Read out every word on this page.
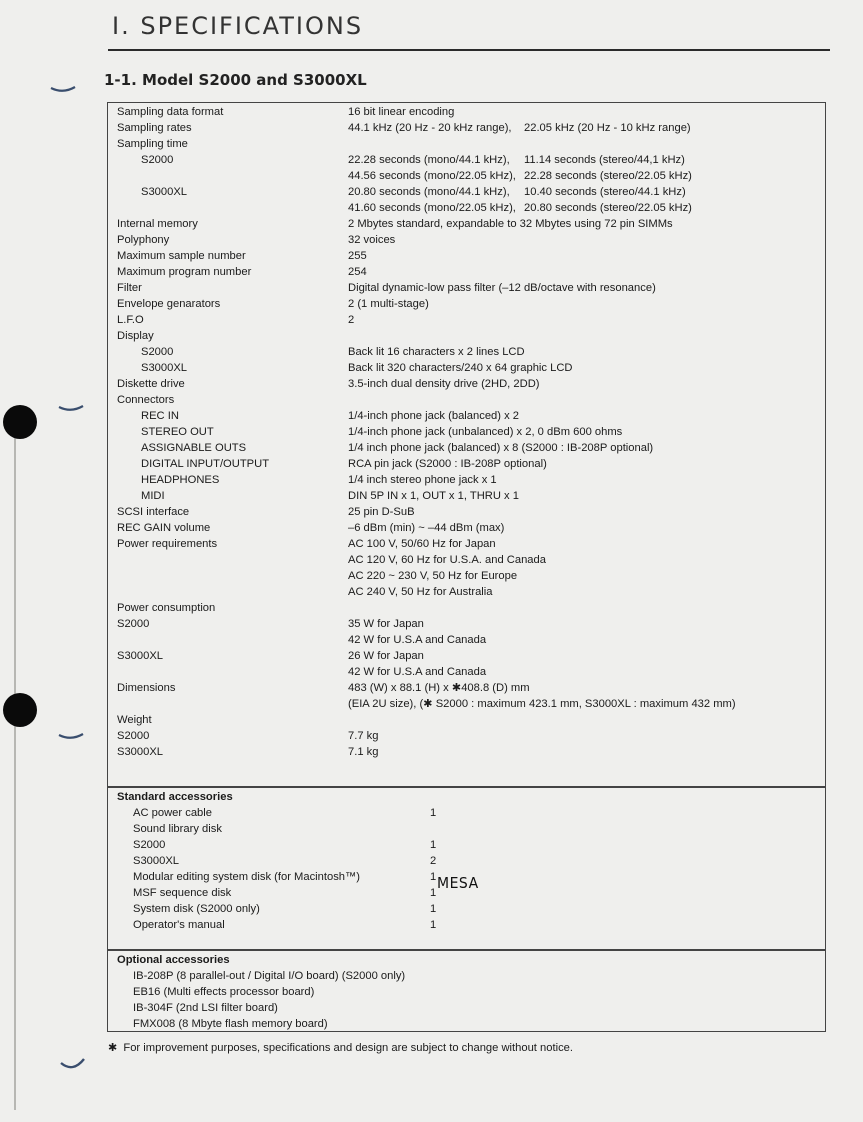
I. SPECIFICATIONS
1-1. Model S2000 and S3000XL
Sampling data format	16 bit linear encoding
Sampling rates	44.1 kHz (20 Hz - 20 kHz range), 22.05 kHz (20 Hz - 10 kHz range)
Sampling time
S2000	22.28 seconds (mono/44.1 kHz), 11.14 seconds (stereo/44,1 kHz)
44.56 seconds (mono/22.05 kHz), 22.28 seconds (stereo/22.05 kHz)
S3000XL	20.80 seconds (mono/44.1 kHz), 10.40 seconds (stereo/44.1 kHz)
41.60 seconds (mono/22.05 kHz), 20.80 seconds (stereo/22.05 kHz)
Internal memory	2 Mbytes standard, expandable to 32 Mbytes using 72 pin SIMMs
Polyphony	32 voices
Maximum sample number	255
Maximum program number	254
Filter	Digital dynamic-low pass filter (–12 dB/octave with resonance)
Envelope genarators	2 (1 multi-stage)
L.F.O	2
Display
S2000	Back lit 16 characters x 2 lines LCD
S3000XL	Back lit 320 characters/240 x 64 graphic LCD
Diskette drive	3.5-inch dual density drive (2HD, 2DD)
Connectors
REC IN	1/4-inch phone jack (balanced) x 2
STEREO OUT	1/4-inch phone jack (unbalanced) x 2, 0 dBm 600 ohms
ASSIGNABLE OUTS	1/4 inch phone jack (balanced) x 8 (S2000 : IB-208P optional)
DIGITAL INPUT/OUTPUT	RCA pin jack (S2000 : IB-208P optional)
HEADPHONES	1/4 inch stereo phone jack x 1
MIDI	DIN 5P IN x 1, OUT x 1, THRU x 1
SCSI interface	25 pin D-SuB
REC GAIN volume	–6 dBm (min) ~ –44 dBm (max)
Power requirements	AC 100 V, 50/60 Hz for Japan
AC 120 V, 60 Hz for U.S.A. and Canada
AC 220 ~ 230 V, 50 Hz for Europe
AC 240 V, 50 Hz for Australia
Power consumption
S2000	35 W for Japan
42 W for U.S.A and Canada
S3000XL	26 W for Japan
42 W for U.S.A and Canada
Dimensions	483 (W) x 88.1 (H) x ✱408.8 (D) mm
(EIA 2U size), (✱ S2000 : maximum 423.1 mm, S3000XL : maximum 432 mm)
Weight
S2000	7.7 kg
S3000XL	7.1 kg
Standard accessories
MESA
AC power cable	1
Sound library disk
S2000	1
S3000XL	2
Modular editing system disk (for Macintosh™)	1
MSF sequence disk	1
System disk (S2000 only)	1
Operator's manual	1
Optional accessories
IB-208P (8 parallel-out / Digital I/O board) (S2000 only)
EB16 (Multi effects processor board)
IB-304F (2nd LSI filter board)
FMX008 (8 Mbyte flash memory board)
✱ For improvement purposes, specifications and design are subject to change without notice.
